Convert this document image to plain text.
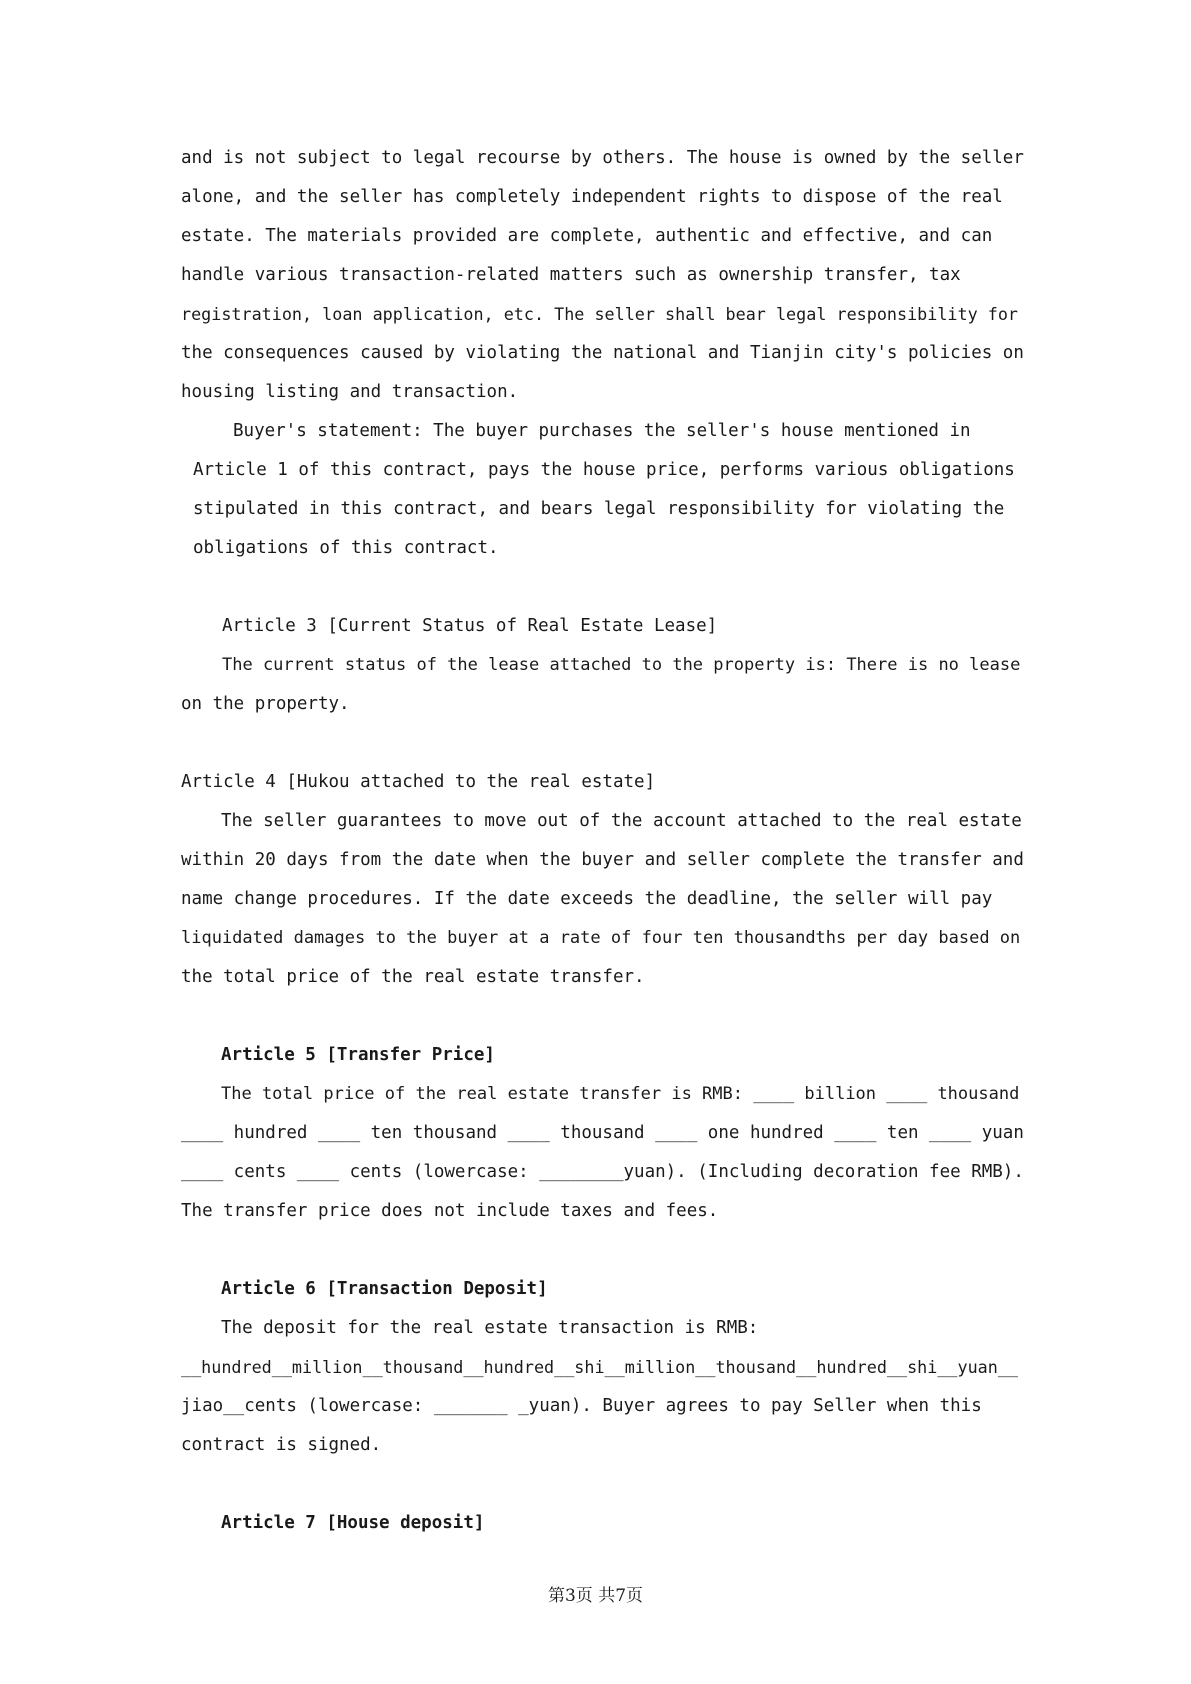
and is not subject to legal recourse by others. The house is owned by the seller
alone, and the seller has completely independent rights to dispose of the real
estate. The materials provided are complete, authentic and effective, and can
handle various transaction-related matters such as ownership transfer, tax
registration, loan application, etc. The seller shall bear legal responsibility for
the consequences caused by violating the national and Tianjin city's policies on
housing listing and transaction.
Buyer's statement: The buyer purchases the seller's house mentioned in
Article 1 of this contract, pays the house price, performs various obligations
stipulated in this contract, and bears legal responsibility for violating the
obligations of this contract.
Article 3 [Current Status of Real Estate Lease]
The current status of the lease attached to the property is: There is no lease
on the property.
Article 4 [Hukou attached to the real estate]
The seller guarantees to move out of the account attached to the real estate
within 20 days from the date when the buyer and seller complete the transfer and
name change procedures. If the date exceeds the deadline, the seller will pay
liquidated damages to the buyer at a rate of four ten thousandths per day based on
the total price of the real estate transfer.
Article 5 [Transfer Price]
The total price of the real estate transfer is RMB: ____ billion ____ thousand
____ hundred ____ ten thousand ____ thousand ____ one hundred ____ ten ____ yuan
____ cents ____ cents (lowercase: ________yuan). (Including decoration fee RMB).
The transfer price does not include taxes and fees.
Article 6 [Transaction Deposit]
The deposit for the real estate transaction is RMB:
__hundred__million__thousand__hundred__shi__million__thousand__hundred__shi__yuan__
jiao__cents (lowercase: _______ _yuan). Buyer agrees to pay Seller when this
contract is signed.
Article 7 [House deposit]
第3页 共7页
